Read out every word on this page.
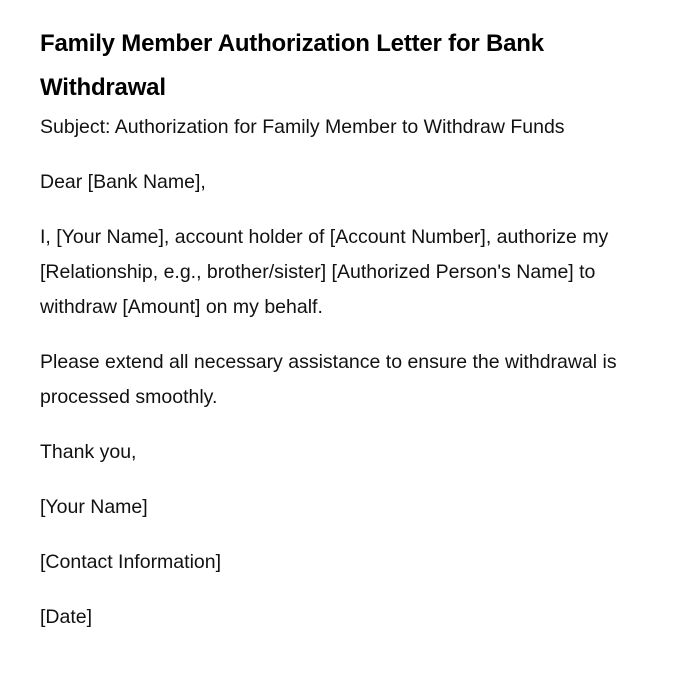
Family Member Authorization Letter for Bank Withdrawal

Subject: Authorization for Family Member to Withdraw Funds

Dear [Bank Name],

I, [Your Name], account holder of [Account Number], authorize my [Relationship, e.g., brother/sister] [Authorized Person's Name] to withdraw [Amount] on my behalf.

Please extend all necessary assistance to ensure the withdrawal is processed smoothly.

Thank you,

[Your Name]

[Contact Information]

[Date]
